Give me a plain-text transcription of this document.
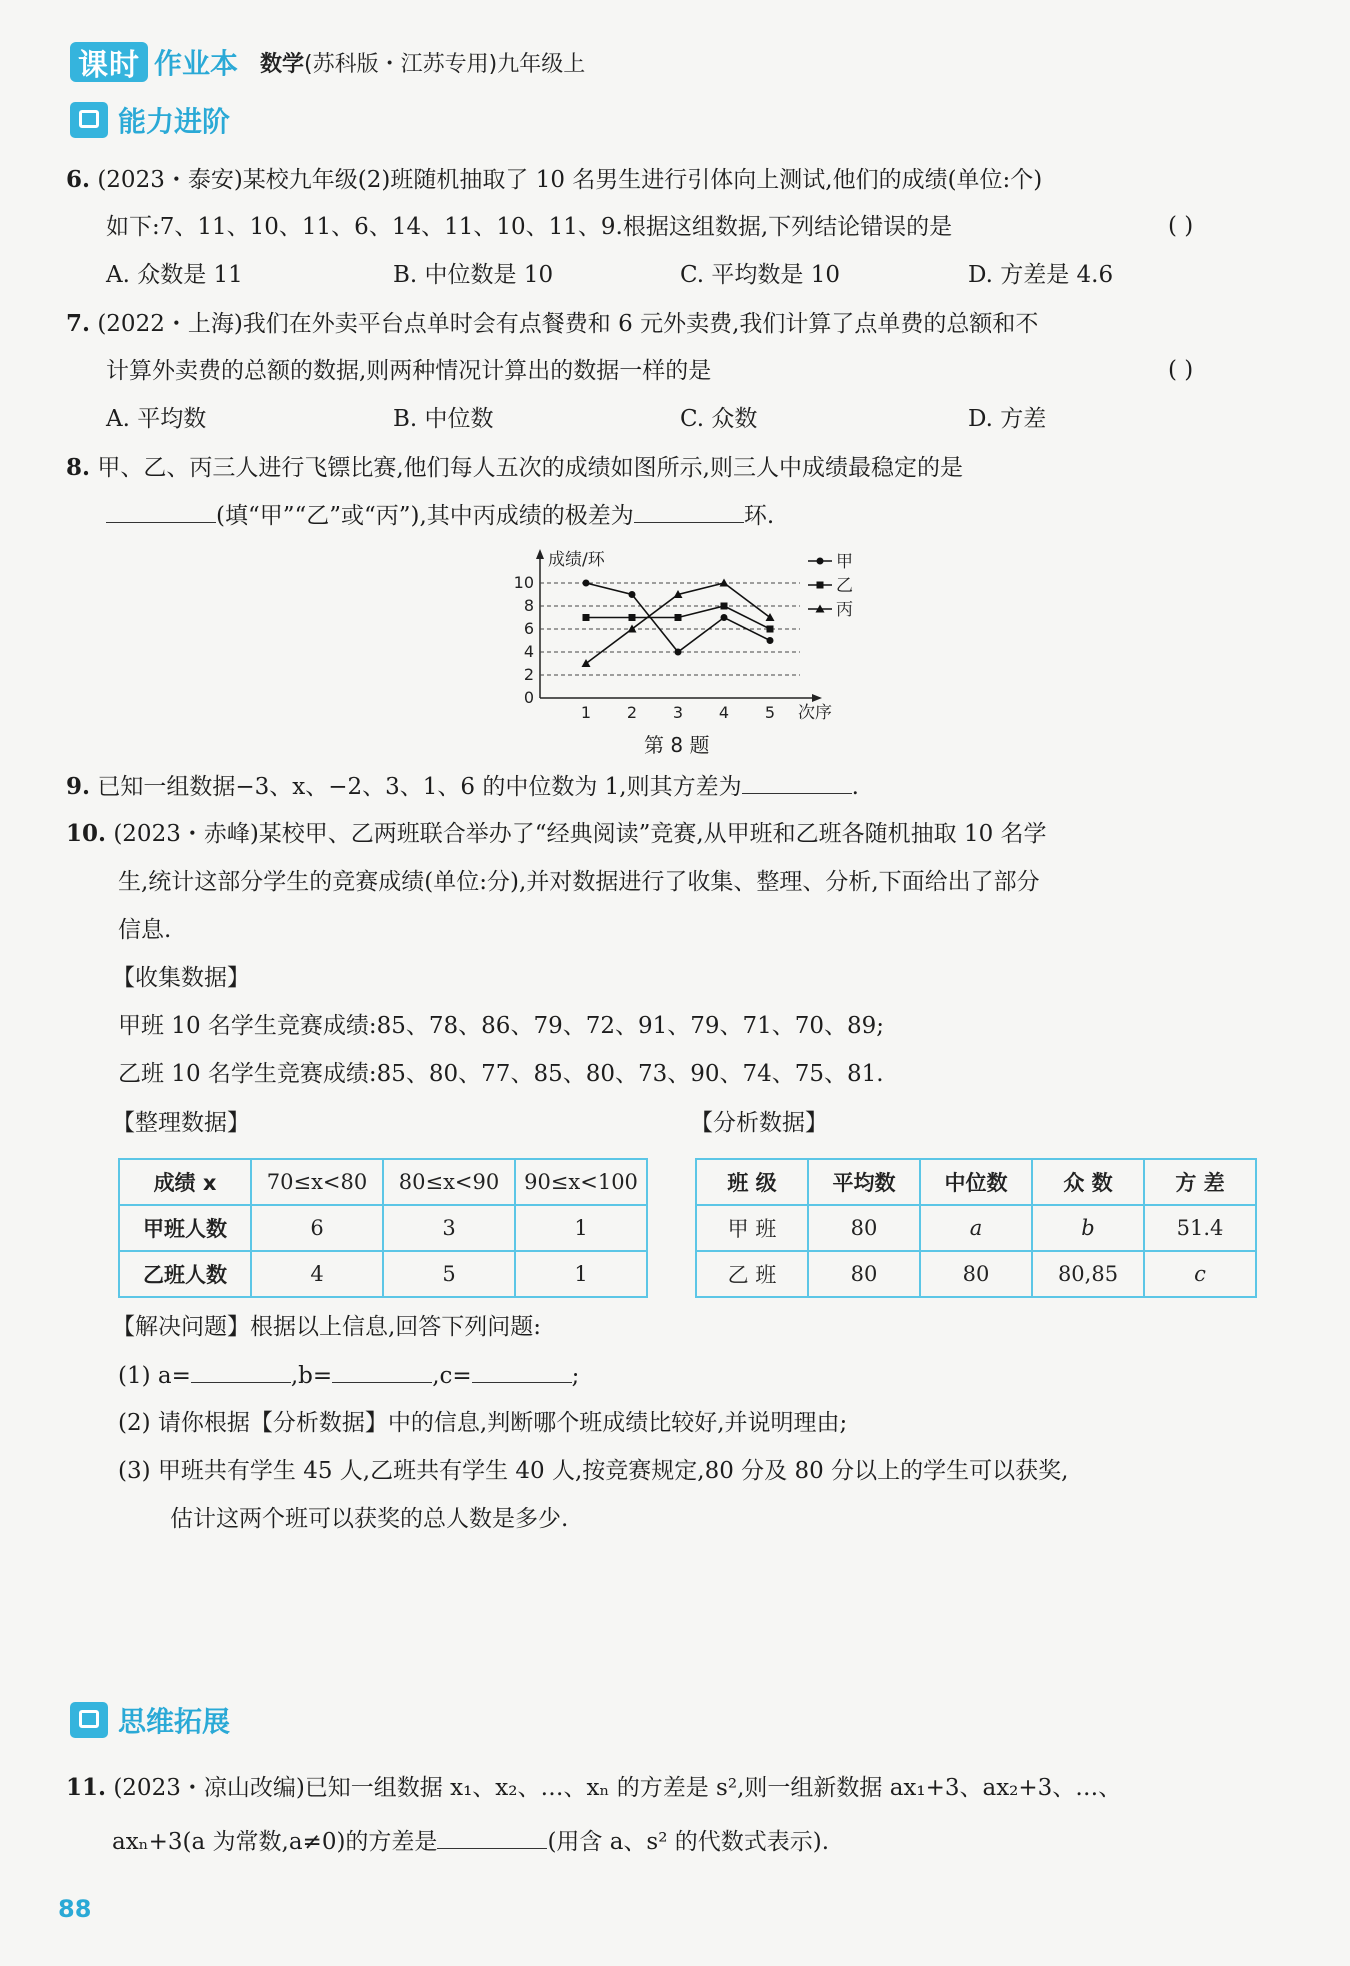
课时 作业本 数学(苏科版・江苏专用)九年级上
能力进阶
6. (2023・泰安)某校九年级(2)班随机抽取了 10 名男生进行引体向上测试,他们的成绩(单位:个)
如下:7、11、10、11、6、14、11、10、11、9.根据这组数据,下列结论错误的是	( )
A. 众数是 11	B. 中位数是 10	C. 平均数是 10	D. 方差是 4.6
7. (2022・上海)我们在外卖平台点单时会有点餐费和 6 元外卖费,我们计算了点单费的总额和不
计算外卖费的总额的数据,则两种情况计算出的数据一样的是	( )
A. 平均数	B. 中位数	C. 众数	D. 方差
8. 甲、乙、丙三人进行飞镖比赛,他们每人五次的成绩如图所示,则三人中成绩最稳定的是
(填“甲”“乙”或“丙”),其中丙成绩的极差为	环.
0
2
4
6
8
10
1 2 3 4 5
成绩/环
次序
甲
乙
丙
第 8 题
9. 已知一组数据−3、x、−2、3、1、6 的中位数为 1,则其方差为	.
10. (2023・赤峰)某校甲、乙两班联合举办了“经典阅读”竞赛,从甲班和乙班各随机抽取 10 名学
生,统计这部分学生的竞赛成绩(单位:分),并对数据进行了收集、整理、分析,下面给出了部分
信息.
【收集数据】
甲班 10 名学生竞赛成绩:85、78、86、79、72、91、79、71、70、89;
乙班 10 名学生竞赛成绩:85、80、77、85、80、73、90、74、75、81.
【整理数据】	【分析数据】
成绩 x	70≤x<80	80≤x<90	90≤x<100
甲班人数	6	3	1
乙班人数	4	5	1
班 级	平均数	中位数	众 数	方 差
甲 班	80	a	b	51.4
乙 班	80	80	80,85	c
【解决问题】根据以上信息,回答下列问题:
(1) a=	,b=	,c=	;
(2) 请你根据【分析数据】中的信息,判断哪个班成绩比较好,并说明理由;
(3) 甲班共有学生 45 人,乙班共有学生 40 人,按竞赛规定,80 分及 80 分以上的学生可以获奖,
估计这两个班可以获奖的总人数是多少.
思维拓展
11. (2023・凉山改编)已知一组数据 x₁、x₂、…、xₙ 的方差是 s²,则一组新数据 ax₁+3、ax₂+3、…、
axₙ+3(a 为常数,a≠0)的方差是	(用含 a、s² 的代数式表示).
88
